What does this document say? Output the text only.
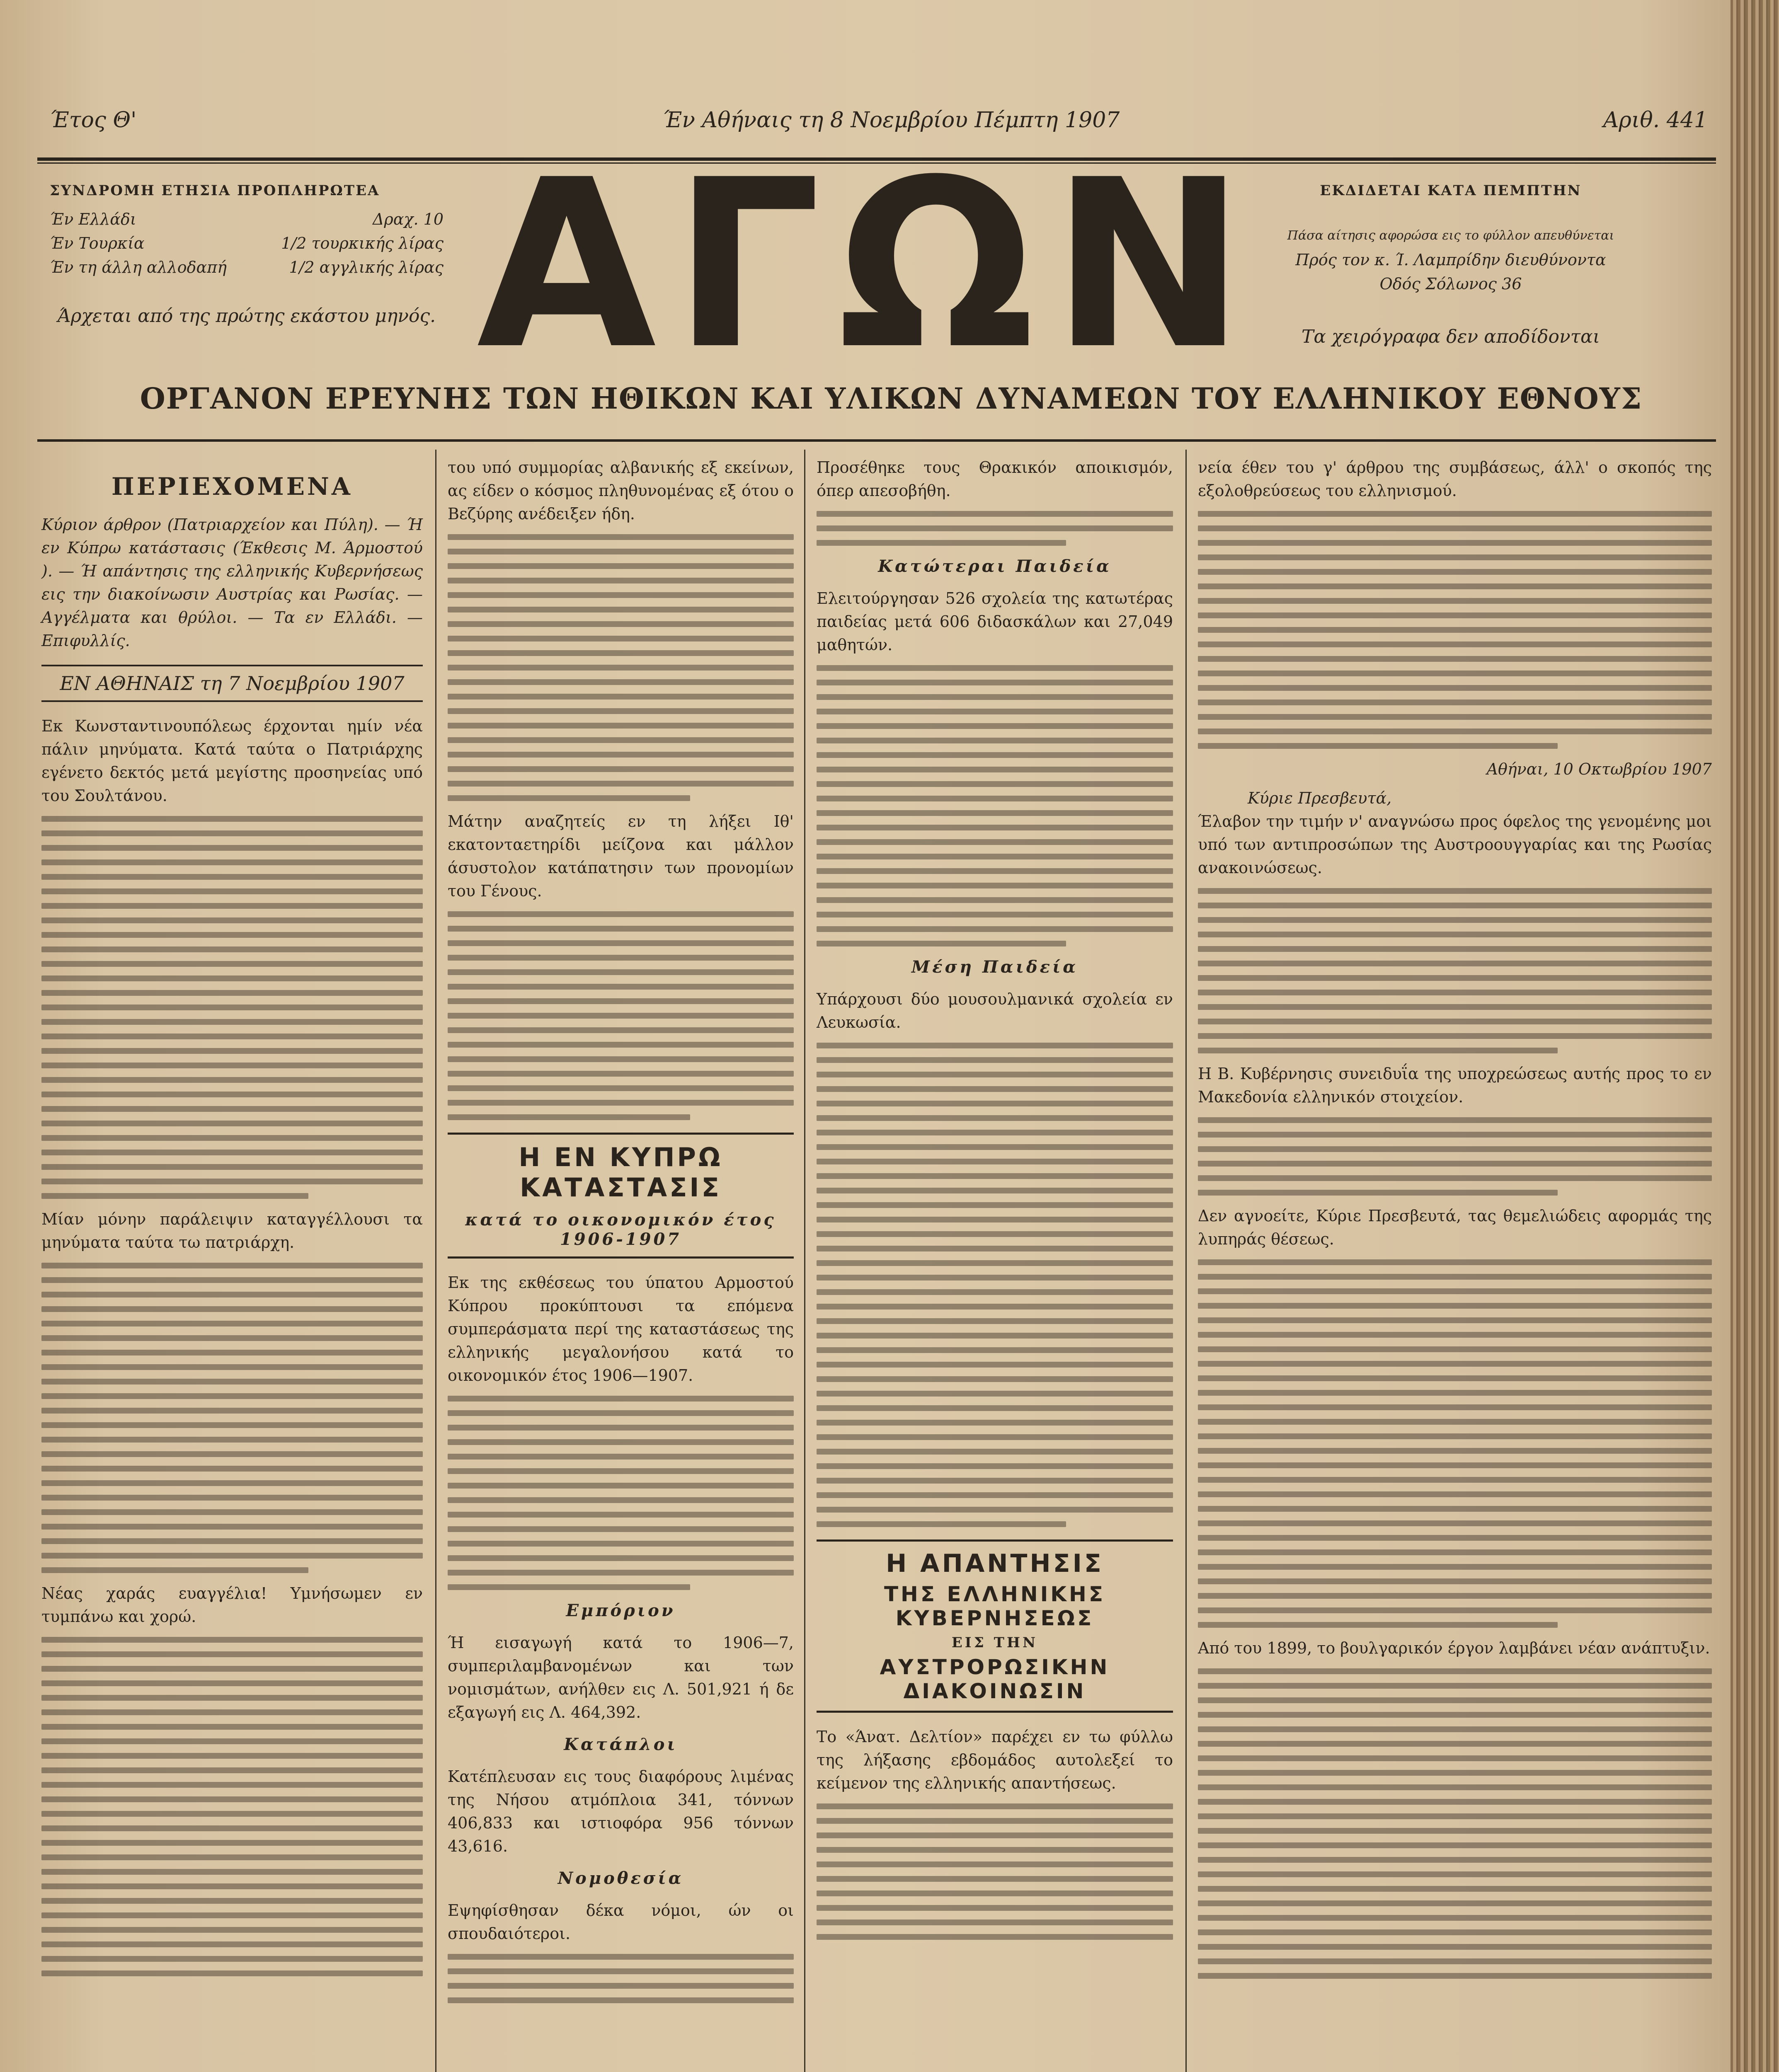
Έτος Θ'	Έν Αθήναις τη 8 Νοεμβρίου Πέμπτη 1907	Αριθ. 441
ΣΥΝΔΡΟΜΗ ΕΤΗΣΙΑ ΠΡΟΠΛΗΡΩΤΕΑ
Έν Ελλάδι	Δραχ. 10
Έν Τουρκία	1/2 τουρκικής λίρας
Έν τη άλλη αλλοδαπή	1/2 αγγλικής λίρας
Άρχεται από της πρώτης εκάστου μηνός. ΑΓΩΝ	ΕΚΔΙΔΕΤΑΙ ΚΑΤΑ ΠΕΜΠΤΗΝ
Πάσα αίτησις αφορώσα εις το φύλλον απευθύνεται
Πρός τον κ. Ί. Λαμπρίδην διευθύνοντα
Οδός Σόλωνος 36
Τα χειρόγραφα δεν αποδίδονται
ΟΡΓΑΝΟΝ ΕΡΕΥΝΗΣ ΤΩΝ ΗΘΙΚΩΝ ΚΑΙ ΥΛΙΚΩΝ ΔΥΝΑΜΕΩΝ ΤΟΥ ΕΛΛΗΝΙΚΟΥ ΕΘΝΟΥΣ
ΠΕΡΙΕΧΟΜΕΝΑ
Κύριον άρθρον (Πατριαρχείον και Πύλη). — Ή εν Κύπρω κατάστασις (Έκθεσις Μ. Άρμοστού ). — Ή απάντησις της ελληνικής Κυβερνήσεως εις την διακοίνωσιν Αυστρίας και Ρωσίας. — Αγγέλματα και θρύλοι. — Τα εν Ελλάδι. — Επιφυλλίς.
ΕΝ ΑΘΗΝΑΙΣ τη 7 Νοεμβρίου 1907
Εκ Κωνσταντινουπόλεως έρχονται ημίν νέα πάλιν μηνύματα. Κατά ταύτα ο Πατριάρχης εγένετο δεκτός μετά μεγίστης προσηνείας υπό του Σουλτάνου.
Μίαν μόνην παράλειψιν καταγγέλλουσι τα μηνύματα ταύτα τω πατριάρχη.
Νέας χαράς ευαγγέλια! Υμνήσωμεν εν τυμπάνω και χορώ.
του υπό συμμορίας αλβανικής εξ εκείνων, ας είδεν ο κόσμος πληθυνομένας εξ ότου ο Βεζύρης ανέδειξεν ήδη.
Μάτην αναζητείς εν τη λήξει Ιθ' εκατονταετηρίδι μείζονα και μάλλον άσυστολον κατάπατησιν των προνομίων του Γένους.
Η ΕΝ ΚΥΠΡΩ ΚΑΤΑΣΤΑΣΙΣ
κατά το οικονομικόν έτος 1906-1907
Εκ της εκθέσεως του ύπατου Αρμοστού Κύπρου προκύπτουσι τα επόμενα συμπεράσματα περί της καταστάσεως της ελληνικής μεγαλονήσου κατά το οικονομικόν έτος 1906—1907.
Εμπόριον
Ή εισαγωγή κατά το 1906—7, συμπεριλαμβανομένων και των νομισμάτων, ανήλθεν εις Λ. 501,921 ή δε εξαγωγή εις Λ. 464,392.
Κατάπλοι
Κατέπλευσαν εις τους διαφόρους λιμένας της Νήσου ατμόπλοια 341, τόννων 406,833 και ιστιοφόρα 956 τόννων 43,616.
Νομοθεσία
Εψηφίσθησαν δέκα νόμοι, ών οι σπουδαιότεροι.
Προσέθηκε τους Θρακικόν αποικισμόν, όπερ απεσοβήθη.
Κατώτεραι Παιδεία
Ελειτούργησαν 526 σχολεία της κατωτέρας παιδείας μετά 606 διδασκάλων και 27,049 μαθητών.
Μέση Παιδεία
Υπάρχουσι δύο μουσουλμανικά σχολεία εν Λευκωσία.
Η ΑΠΑΝΤΗΣΙΣ
ΤΗΣ ΕΛΛΗΝΙΚΗΣ ΚΥΒΕΡΝΗΣΕΩΣ
ΕΙΣ ΤΗΝ
ΑΥΣΤΡΟΡΩΣΙΚΗΝ ΔΙΑΚΟΙΝΩΣΙΝ
Το «Άνατ. Δελτίον» παρέχει εν τω φύλλω της λήξασης εβδομάδος αυτολεξεί το κείμενον της ελληνικής απαντήσεως.
νεία έθεν του γ' άρθρου της συμβάσεως, άλλ' ο σκοπός της εξολοθρεύσεως του ελληνισμού.
Αθήναι, 10 Οκτωβρίου 1907
Κύριε Πρεσβευτά,
Έλαβον την τιμήν ν' αναγνώσω προς όφελος της γενομένης μοι υπό των αντιπροσώπων της Αυστροουγγαρίας και της Ρωσίας ανακοινώσεως.
Η Β. Κυβέρνησις συνειδυΐα της υποχρεώσεως αυτής προς το εν Μακεδονία ελληνικόν στοιχείον.
Δεν αγνοείτε, Κύριε Πρεσβευτά, τας θεμελιώδεις αφορμάς της λυπηράς θέσεως.
Από του 1899, το βουλγαρικόν έργον λαμβάνει νέαν ανάπτυξιν.
